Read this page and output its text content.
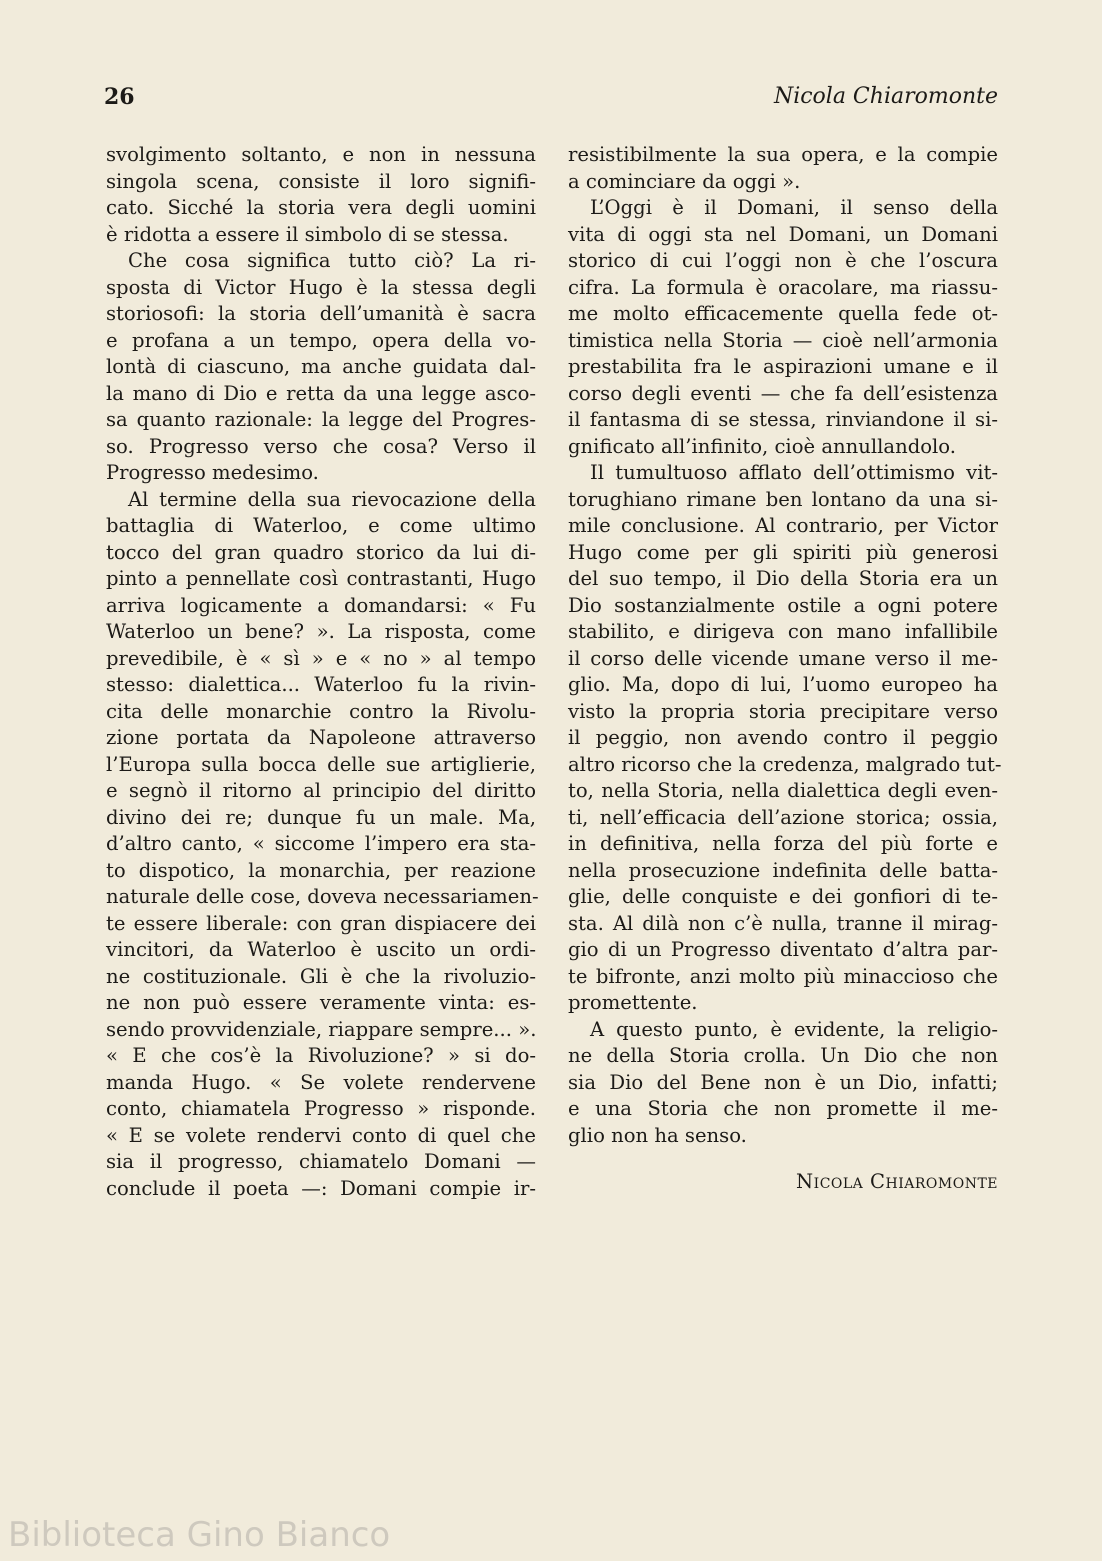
26	Nicola Chiaromonte
svolgimento soltanto, e non in nessuna
singola scena, consiste il loro signifi-
cato. Sicché la storia vera degli uomini
è ridotta a essere il simbolo di se stessa.
Che cosa significa tutto ciò? La ri-
sposta di Victor Hugo è la stessa degli
storiosofi: la storia dell’umanità è sacra
e profana a un tempo, opera della vo-
lontà di ciascuno, ma anche guidata dal-
la mano di Dio e retta da una legge asco-
sa quanto razionale: la legge del Progres-
so. Progresso verso che cosa? Verso il
Progresso medesimo.
Al termine della sua rievocazione della
battaglia di Waterloo, e come ultimo
tocco del gran quadro storico da lui di-
pinto a pennellate così contrastanti, Hugo
arriva logicamente a domandarsi: « Fu
Waterloo un bene? ». La risposta, come
prevedibile, è « sì » e « no » al tempo
stesso: dialettica... Waterloo fu la rivin-
cita delle monarchie contro la Rivolu-
zione portata da Napoleone attraverso
l’Europa sulla bocca delle sue artiglierie,
e segnò il ritorno al principio del diritto
divino dei re; dunque fu un male. Ma,
d’altro canto, « siccome l’impero era sta-
to dispotico, la monarchia, per reazione
naturale delle cose, doveva necessariamen-
te essere liberale: con gran dispiacere dei
vincitori, da Waterloo è uscito un ordi-
ne costituzionale. Gli è che la rivoluzio-
ne non può essere veramente vinta: es-
sendo provvidenziale, riappare sempre... ».
« E che cos’è la Rivoluzione? » si do-
manda Hugo. « Se volete rendervene
conto, chiamatela Progresso » risponde.
« E se volete rendervi conto di quel che
sia il progresso, chiamatelo Domani —
conclude il poeta —: Domani compie ir-
resistibilmente la sua opera, e la compie
a cominciare da oggi ».
L’Oggi è il Domani, il senso della
vita di oggi sta nel Domani, un Domani
storico di cui l’oggi non è che l’oscura
cifra. La formula è oracolare, ma riassu-
me molto efficacemente quella fede ot-
timistica nella Storia — cioè nell’armonia
prestabilita fra le aspirazioni umane e il
corso degli eventi — che fa dell’esistenza
il fantasma di se stessa, rinviandone il si-
gnificato all’infinito, cioè annullandolo.
Il tumultuoso afflato dell’ottimismo vit-
torughiano rimane ben lontano da una si-
mile conclusione. Al contrario, per Victor
Hugo come per gli spiriti più generosi
del suo tempo, il Dio della Storia era un
Dio sostanzialmente ostile a ogni potere
stabilito, e dirigeva con mano infallibile
il corso delle vicende umane verso il me-
glio. Ma, dopo di lui, l’uomo europeo ha
visto la propria storia precipitare verso
il peggio, non avendo contro il peggio
altro ricorso che la credenza, malgrado tut-
to, nella Storia, nella dialettica degli even-
ti, nell’efficacia dell’azione storica; ossia,
in definitiva, nella forza del più forte e
nella prosecuzione indefinita delle batta-
glie, delle conquiste e dei gonfiori di te-
sta. Al dilà non c’è nulla, tranne il mirag-
gio di un Progresso diventato d’altra par-
te bifronte, anzi molto più minaccioso che
promettente.
A questo punto, è evidente, la religio-
ne della Storia crolla. Un Dio che non
sia Dio del Bene non è un Dio, infatti;
e una Storia che non promette il me-
glio non ha senso.
Nicola Chiaromonte
Biblioteca Gino Bianco
